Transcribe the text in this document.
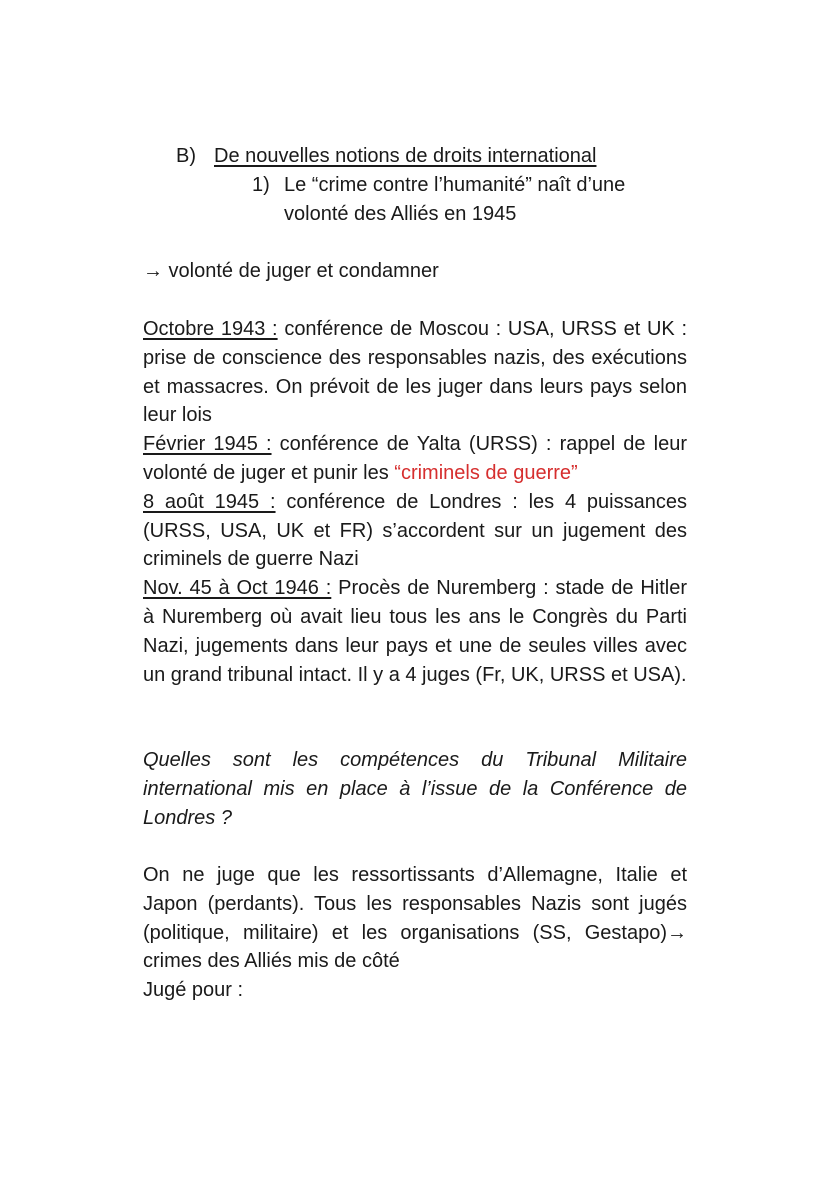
B) De nouvelles notions de droits international
1) Le “crime contre l’humanité” naît d’une
volonté des Alliés en 1945
→ volonté de juger et condamner
Octobre 1943 : conférence de Moscou : USA, URSS et UK : prise de conscience des responsables nazis, des exécutions et massacres. On prévoit de les juger dans leurs pays selon leur lois
Février 1945 : conférence de Yalta (URSS) : rappel de leur volonté de juger et punir les “criminels de guerre”
8 août 1945 : conférence de Londres : les 4 puissances (URSS, USA, UK et FR) s’accordent sur un jugement des criminels de guerre Nazi
Nov. 45 à Oct 1946 : Procès de Nuremberg : stade de Hitler à Nuremberg où avait lieu tous les ans le Congrès du Parti Nazi, jugements dans leur pays et une de seules villes avec un grand tribunal intact. Il y a 4 juges (Fr, UK, URSS et USA).
Quelles sont les compétences du Tribunal Militaire international mis en place à l’issue de la Conférence de Londres ?
On ne juge que les ressortissants d’Allemagne, Italie et Japon (perdants). Tous les responsables Nazis sont jugés (politique, militaire) et les organisations (SS, Gestapo)→ crimes des Alliés mis de côté
Jugé pour :
